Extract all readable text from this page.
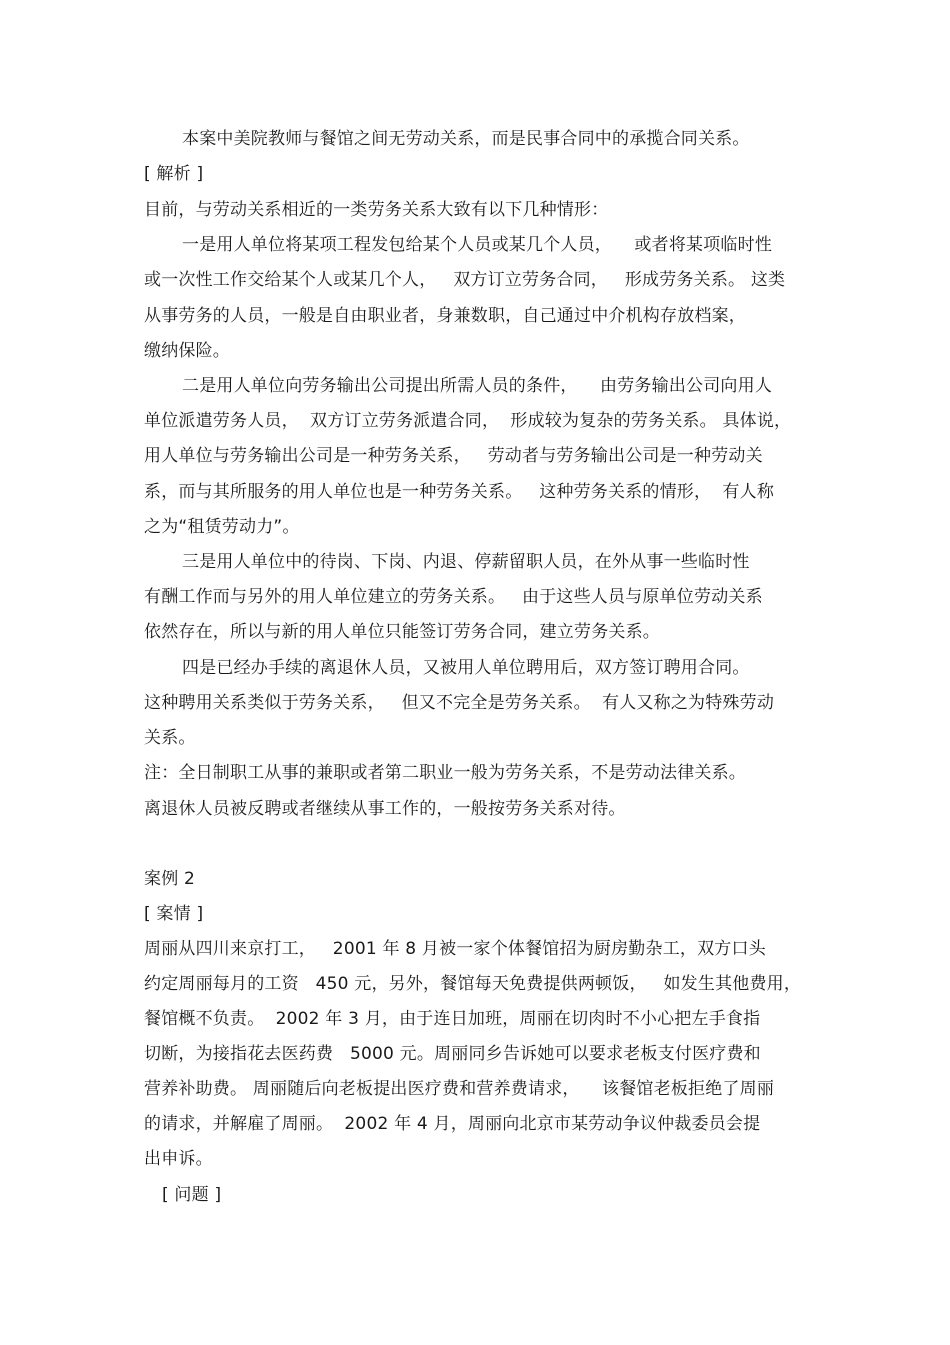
本案中美院教师与餐馆之间无劳动关系，而是民事合同中的承揽合同关系。
[ 解析 ]
目前，与劳动关系相近的一类劳务关系大致有以下几种情形：
一是用人单位将某项工程发包给某个人员或某几个人员，    或者将某项临时性
或一次性工作交给某个人或某几个人，   双方订立劳务合同，   形成劳务关系。 这类
从事劳务的人员，一般是自由职业者，身兼数职，自己通过中介机构存放档案，
缴纳保险。
二是用人单位向劳务输出公司提出所需人员的条件，    由劳务输出公司向用人
单位派遣劳务人员，  双方订立劳务派遣合同，  形成较为复杂的劳务关系。 具体说，
用人单位与劳务输出公司是一种劳务关系，   劳动者与劳务输出公司是一种劳动关
系，而与其所服务的用人单位也是一种劳务关系。   这种劳务关系的情形，  有人称
之为“租赁劳动力”。
三是用人单位中的待岗、下岗、内退、停薪留职人员，在外从事一些临时性
有酬工作而与另外的用人单位建立的劳务关系。   由于这些人员与原单位劳动关系
依然存在，所以与新的用人单位只能签订劳务合同，建立劳务关系。
四是已经办手续的离退休人员，又被用人单位聘用后，双方签订聘用合同。
这种聘用关系类似于劳务关系，   但又不完全是劳务关系。  有人又称之为特殊劳动
关系。
注：全日制职工从事的兼职或者第二职业一般为劳务关系，不是劳动法律关系。
离退休人员被反聘或者继续从事工作的，一般按劳务关系对待。
案例 2
[ 案情 ]
周丽从四川来京打工，   2001 年 8 月被一家个体餐馆招为厨房勤杂工，双方口头
约定周丽每月的工资   450 元，另外，餐馆每天免费提供两顿饭，   如发生其他费用，
餐馆概不负责。  2002 年 3 月，由于连日加班，周丽在切肉时不小心把左手食指
切断，为接指花去医药费   5000 元。周丽同乡告诉她可以要求老板支付医疗费和
营养补助费。 周丽随后向老板提出医疗费和营养费请求，    该餐馆老板拒绝了周丽
的请求，并解雇了周丽。  2002 年 4 月，周丽向北京市某劳动争议仲裁委员会提
出申诉。
[ 问题 ]
